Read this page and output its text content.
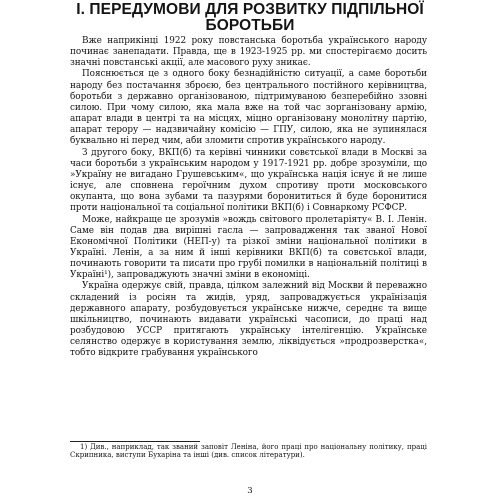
I. ПЕРЕДУМОВИ ДЛЯ РОЗВИТКУ ПІДПІЛЬНОЇ БОРОТЬБИ

Вже наприкінці 1922 року повстанська боротьба українського народу починає занепадати. Правда, ще в 1923-1925 рр. ми спостерігаємо досить значні повстанські акції, але масового руху зникає.

Пояснюється це з одного боку безнадійністю ситуації, а саме боротьби народу без постачання зброєю, без центрального постійного керівництва, боротьби з державно організованою, підтримуваною безперебійно ззовні силою. При чому силою, яка мала вже на той час зорганізовану армію, апарат влади в центрі та на місцях, міцно організовану монолітну партію, апарат терору — надзвичайну комісію — ГПУ, силою, яка не зупинялася буквально ні перед чим, аби зломити спротив українського народу.

З другого боку, ВКП(б) та керівні чинники совєтської влади в Москві за часи боротьби з українським народом у 1917-1921 рр. добре зрозуміли, що »Україну не вигадано Грушевським«, що українська нація існує й не лише існує, але сповнена героїчним духом спротиву проти московського окупанта, що вона зубами та пазурями боронититься й буде боронитися проти національної та соціальної політики ВКП(б) і Совнаркому РСФСР.

Може, найкраще це зрозумів »вождь світового пролетаріяту« В. І. Ленін. Саме він подав два вирішні гасла — запровадження так званої Нової Економічної Політики (НЕП-у) та різкої зміни національної політики в Україні. Ленін, а за ним й інші керівники ВКП(б) та совєтської влади, починають говорити та писати про грубі помилки в національній політиці в Україні¹), запроваджують значні зміни в економіці.

Україна одержує свій, правда, цілком залежний від Москви й переважно складений із росіян та жидів, уряд, запроваджується українізація державного апарату, розбудовується українське нижче, середнє та вище шкільництво, починають видавати українські часописи, до праці над розбудовою УССР притягають українську інтелігенцію. Українське селянство одержує в користування землю, ліквідується »продрозверстка«, тобто відкрите грабування українського

1) Див., наприклад, так званий заповіт Леніна, його праці про національну політику, праці Скрипника, виступи Бухаріна та інші (див. список літератури).

3
